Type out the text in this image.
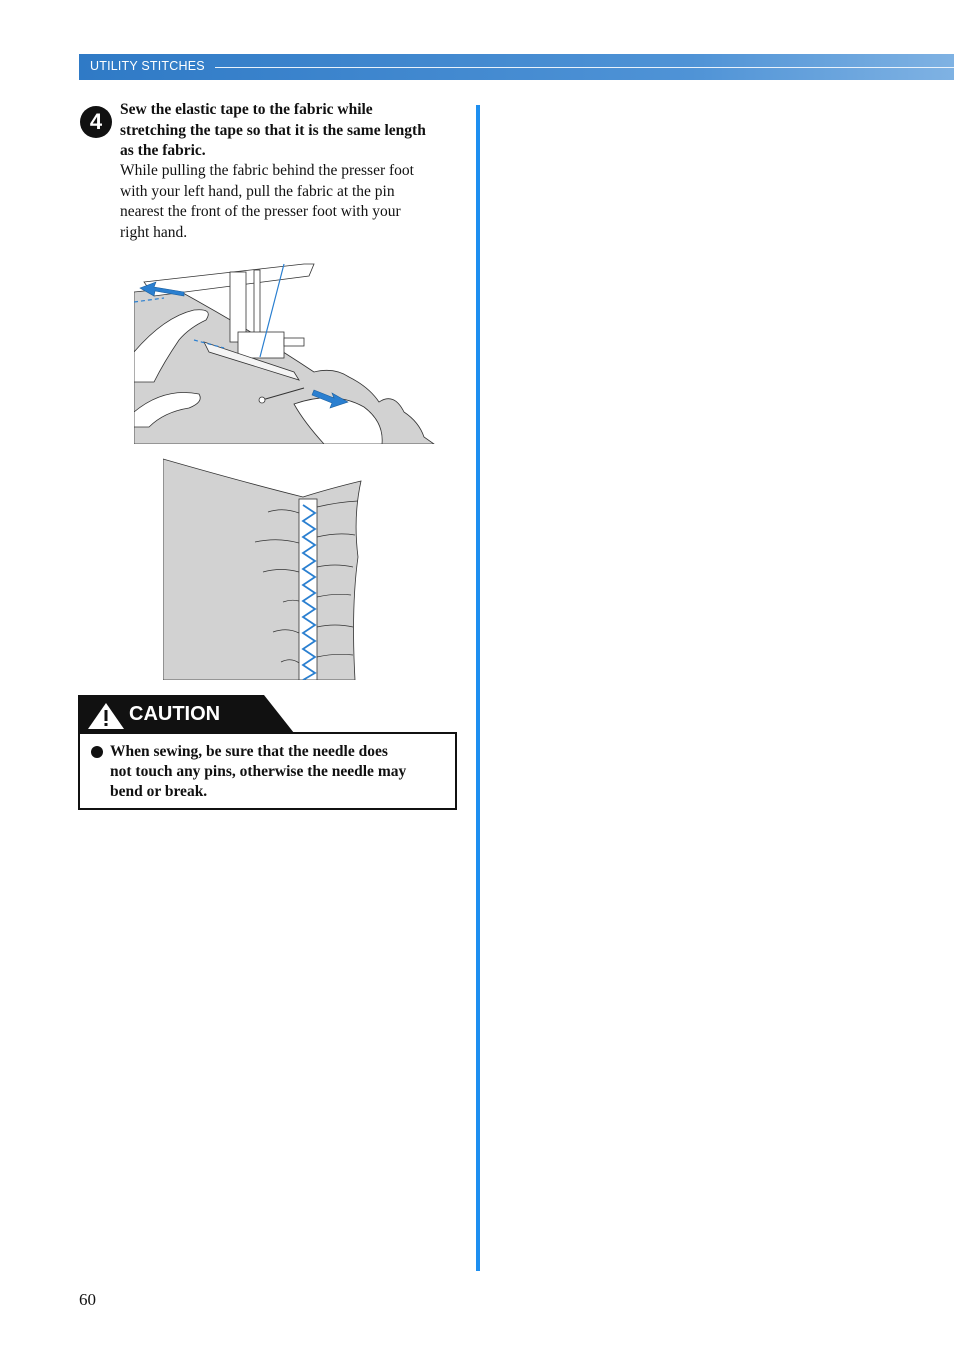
UTILITY STITCHES
4	Sew the elastic tape to the fabric while
stretching the tape so that it is the same length
as the fabric.
While pulling the fabric behind the presser foot
with your left hand, pull the fabric at the pin
nearest the front of the presser foot with your
right hand.
CAUTION
When sewing, be sure that the needle does
not touch any pins, otherwise the needle may
bend or break.
60
